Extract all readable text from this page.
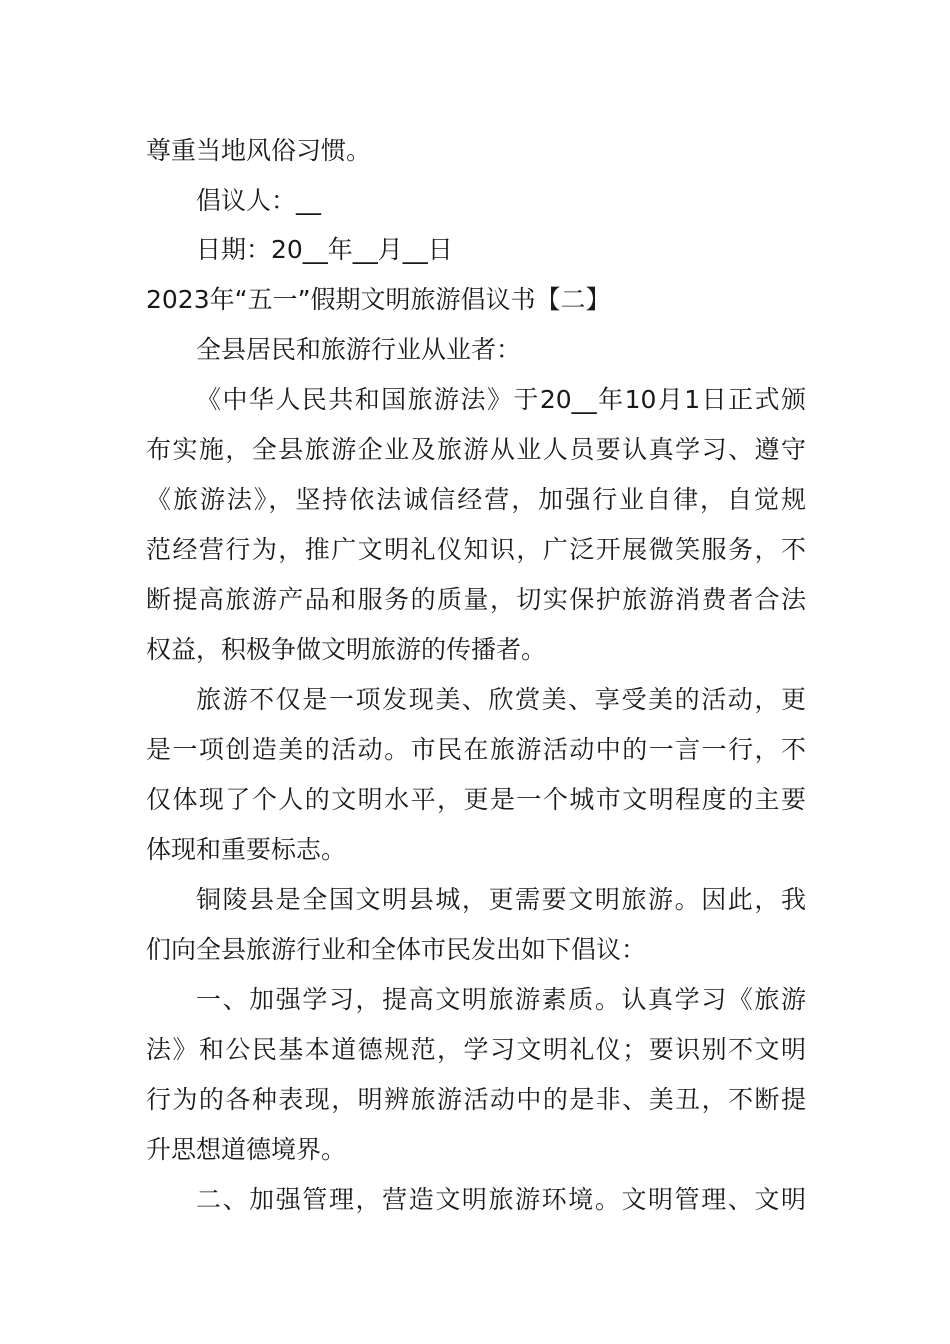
尊重当地风俗习惯。
倡议人：__
日期：20__年__月__日
2023年“五一”假期文明旅游倡议书【二】
全县居民和旅游行业从业者：
《中华人民共和国旅游法》于20__年10月1日正式颁
布实施，全县旅游企业及旅游从业人员要认真学习、遵守
《旅游法》，坚持依法诚信经营，加强行业自律，自觉规
范经营行为，推广文明礼仪知识，广泛开展微笑服务，不
断提高旅游产品和服务的质量，切实保护旅游消费者合法
权益，积极争做文明旅游的传播者。
旅游不仅是一项发现美、欣赏美、享受美的活动，更
是一项创造美的活动。市民在旅游活动中的一言一行，不
仅体现了个人的文明水平，更是一个城市文明程度的主要
体现和重要标志。
铜陵县是全国文明县城，更需要文明旅游。因此，我
们向全县旅游行业和全体市民发出如下倡议：
一、加强学习，提高文明旅游素质。认真学习《旅游
法》和公民基本道德规范，学习文明礼仪；要识别不文明
行为的各种表现，明辨旅游活动中的是非、美丑，不断提
升思想道德境界。
二、加强管理，营造文明旅游环境。文明管理、文明
